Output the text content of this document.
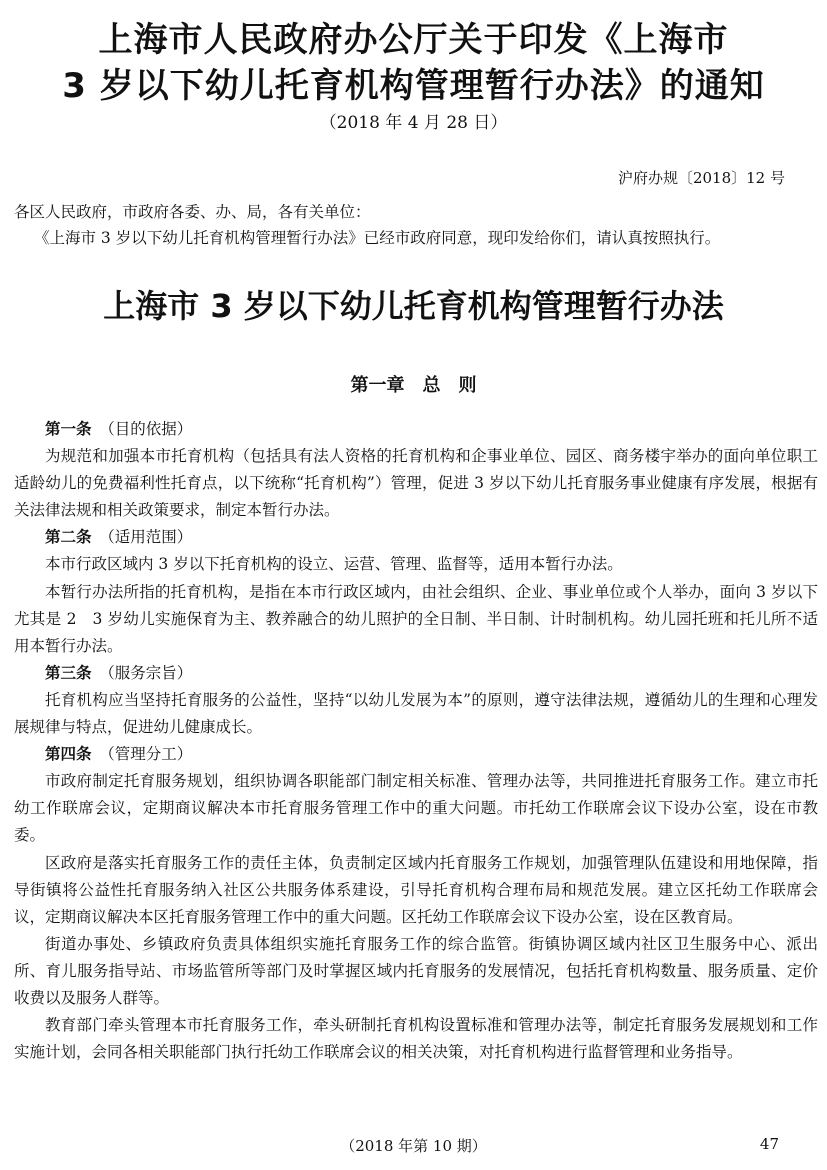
上海市人民政府办公厅关于印发《上海市
3 岁以下幼儿托育机构管理暂行办法》的通知
（2018 年 4 月 28 日）
沪府办规〔2018〕12 号

各区人民政府，市政府各委、办、局，各有关单位：

《上海市 3 岁以下幼儿托育机构管理暂行办法》已经市政府同意，现印发给你们，请认真按照执行。

上海市 3 岁以下幼儿托育机构管理暂行办法
第一章　总　则

第一条　 （目的依据）

为规范和加强本市托育机构（包括具有法人资格的托育机构和企事业单位、园区、商务楼宇举办的面向单位职工适龄幼儿的免费福利性托育点，以下统称“托育机构”）管理，促进 3 岁以下幼儿托育服务事业健康有序发展，根据有关法律法规和相关政策要求，制定本暂行办法。

第二条　 （适用范围）

本市行政区域内 3 岁以下托育机构的设立、运营、管理、监督等，适用本暂行办法。

本暂行办法所指的托育机构，是指在本市行政区域内，由社会组织、企业、事业单位或个人举办，面向 3 岁以下尤其是 2　3 岁幼儿实施保育为主、教养融合的幼儿照护的全日制、半日制、计时制机构。幼儿园托班和托儿所不适用本暂行办法。

第三条　 （服务宗旨）

托育机构应当坚持托育服务的公益性，坚持“以幼儿发展为本”的原则，遵守法律法规，遵循幼儿的生理和心理发展规律与特点，促进幼儿健康成长。

第四条　 （管理分工）

市政府制定托育服务规划，组织协调各职能部门制定相关标准、管理办法等，共同推进托育服务工作。建立市托幼工作联席会议，定期商议解决本市托育服务管理工作中的重大问题。市托幼工作联席会议下设办公室，设在市教委。

区政府是落实托育服务工作的责任主体，负责制定区域内托育服务工作规划，加强管理队伍建设和用地保障，指导街镇将公益性托育服务纳入社区公共服务体系建设，引导托育机构合理布局和规范发展。建立区托幼工作联席会议，定期商议解决本区托育服务管理工作中的重大问题。区托幼工作联席会议下设办公室，设在区教育局。

街道办事处、乡镇政府负责具体组织实施托育服务工作的综合监管。街镇协调区域内社区卫生服务中心、派出所、育儿服务指导站、市场监管所等部门及时掌握区域内托育服务的发展情况，包括托育机构数量、服务质量、定价收费以及服务人群等。

教育部门牵头管理本市托育服务工作，牵头研制托育机构设置标准和管理办法等，制定托育服务发展规划和工作实施计划，会同各相关职能部门执行托幼工作联席会议的相关决策，对托育机构进行监督管理和业务指导。

（2018 年第 10 期）	47
